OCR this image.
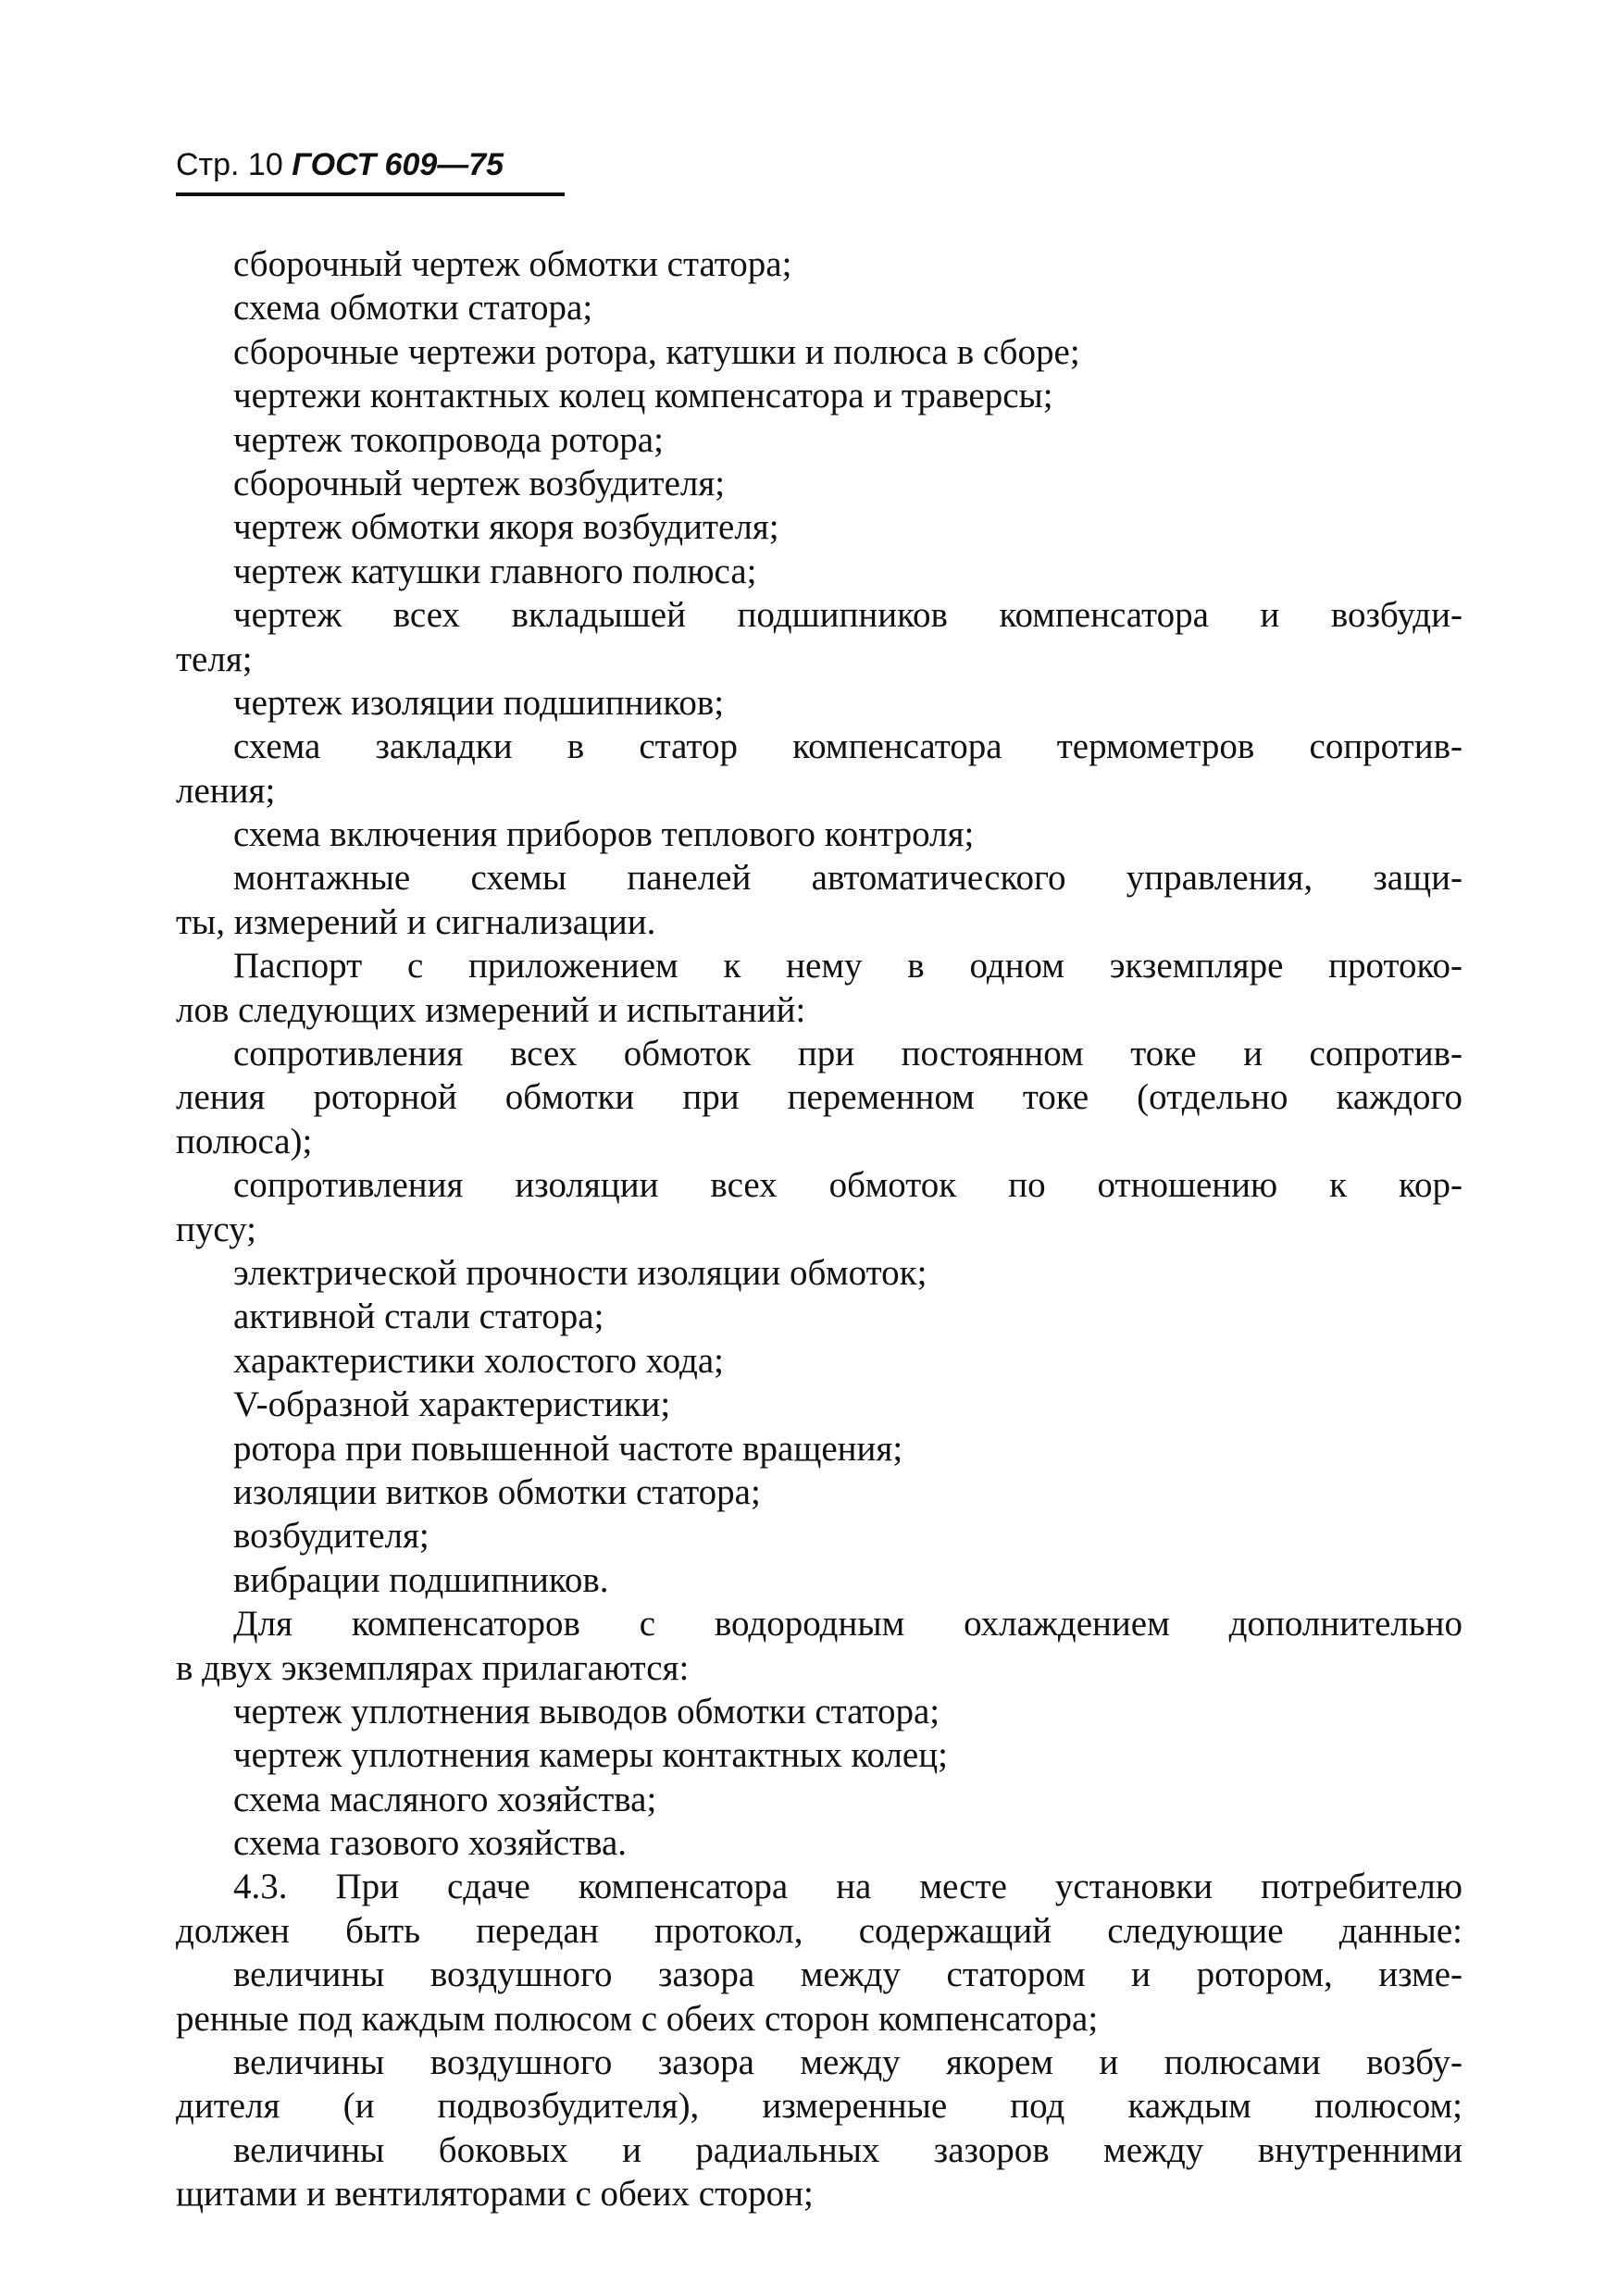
Стр. 10 ГОСТ 609—75
сборочный чертеж обмотки статора;
схема обмотки статора;
сборочные чертежи ротора, катушки и полюса в сборе;
чертежи контактных колец компенсатора и траверсы;
чертеж токопровода ротора;
сборочный чертеж возбудителя;
чертеж обмотки якоря возбудителя;
чертеж катушки главного полюса;
чертеж всех вкладышей подшипников компенсатора и возбуди-
теля;
чертеж изоляции подшипников;
схема закладки в статор компенсатора термометров сопротив-
ления;
схема включения приборов теплового контроля;
монтажные схемы панелей автоматического управления, защи-
ты, измерений и сигнализации.
Паспорт с приложением к нему в одном экземпляре протоко-
лов следующих измерений и испытаний:
сопротивления всех обмоток при постоянном токе и сопротив-
ления роторной обмотки при переменном токе (отдельно каждого
полюса);
сопротивления изоляции всех обмоток по отношению к кор-
пусу;
электрической прочности изоляции обмоток;
активной стали статора;
характеристики холостого хода;
V-образной характеристики;
ротора при повышенной частоте вращения;
изоляции витков обмотки статора;
возбудителя;
вибрации подшипников.
Для компенсаторов с водородным охлаждением дополнительно
в двух экземплярах прилагаются:
чертеж уплотнения выводов обмотки статора;
чертеж уплотнения камеры контактных колец;
схема масляного хозяйства;
схема газового хозяйства.
4.3. При сдаче компенсатора на месте установки потребителю
должен быть передан протокол, содержащий следующие данные:
величины воздушного зазора между статором и ротором, изме-
ренные под каждым полюсом с обеих сторон компенсатора;
величины воздушного зазора между якорем и полюсами возбу-
дителя (и подвозбудителя), измеренные под каждым полюсом;
величины боковых и радиальных зазоров между внутренними
щитами и вентиляторами с обеих сторон;
